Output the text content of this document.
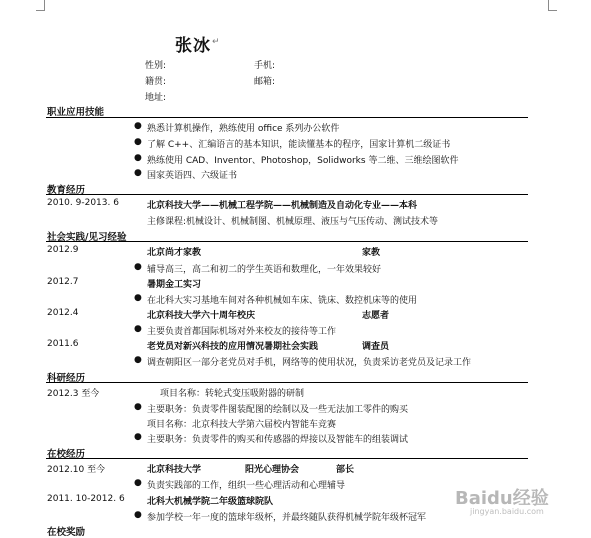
张冰 ↵
性别:	手机:
籍贯:	邮箱:
地址:
职业应用技能
● 熟悉计算机操作，熟练使用 office 系列办公软件
● 了解 C++、汇编语言的基本知识，能读懂基本的程序，国家计算机二级证书
● 熟练使用 CAD、Inventor、Photoshop，Solidworks 等二维、三维绘图软件
● 国家英语四、六级证书
教育经历
2010. 9-2013. 6	北京科技大学——机械工程学院——机械制造及自动化专业——本科
主修课程:机械设计、机械制图、机械原理、液压与气压传动、测试技术等
社会实践/见习经验
2012.9	北京尚才家教	家教
● 辅导高三，高二和初二的学生英语和数理化，一年效果较好
2012.7	暑期金工实习
● 在北科大实习基地车间对各种机械如车床、铣床、数控机床等的使用
2012.4	北京科技大学六十周年校庆	志愿者
● 主要负责首都国际机场对外来校友的接待等工作
2011.6	老党员对新兴科技的应用情况暑期社会实践	调查员
● 调查朝阳区一部分老党员对手机，网络等的使用状况，负责采访老党员及记录工作
科研经历
2012.3 至今	项目名称：转轮式变压吸附器的研制
● 主要职务：负责零件图装配图的绘制以及一些无法加工零件的购买
项目名称：北京科技大学第六届校内智能车竞赛
● 主要职务：负责零件的购买和传感器的焊接以及智能车的组装调试
在校经历
2012.10 至今	北京科技大学	阳光心理协会	部长
● 负责实践部的工作，组织一些心理活动和心理辅导
2011. 10-2012. 6 北科大机械学院二年级篮球院队
● 参加学校一年一度的篮球年级杯，并最终随队获得机械学院年级杯冠军
在校奖励
Baidu经验
jingyan.baidu.com
